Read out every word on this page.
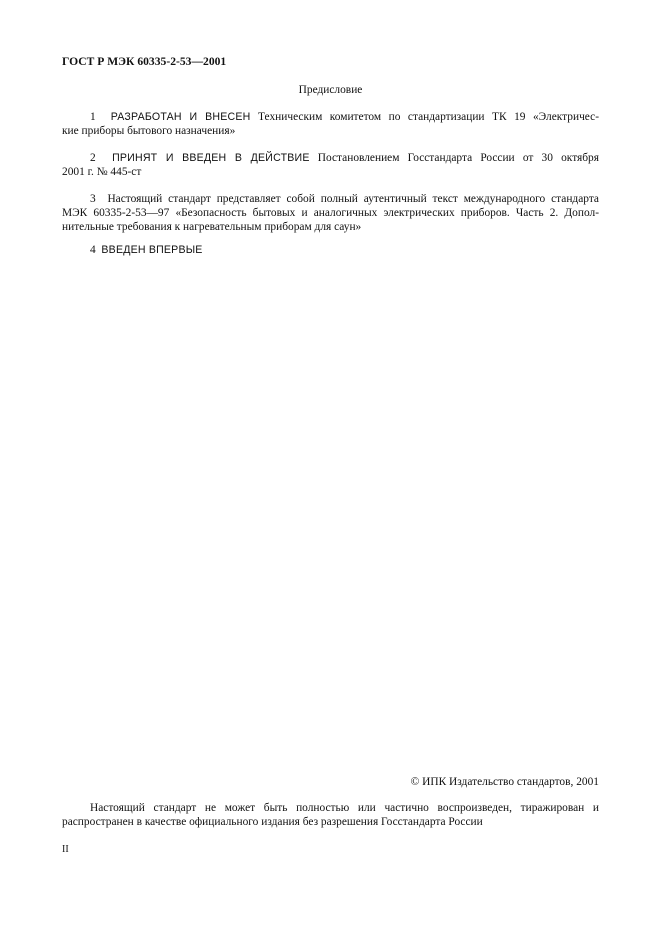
ГОСТ Р МЭК 60335-2-53—2001
Предисловие
1 РАЗРАБОТАН И ВНЕСЕН Техническим комитетом по стандартизации ТК 19 «Электричес-
кие приборы бытового назначения»
2 ПРИНЯТ И ВВЕДЕН В ДЕЙСТВИЕ Постановлением Госстандарта России от 30 октября
2001 г. № 445-ст
3 Настоящий стандарт представляет собой полный аутентичный текст международного стандарта
МЭК 60335-2-53—97 «Безопасность бытовых и аналогичных электрических приборов. Часть 2. Допол-
нительные требования к нагревательным приборам для саун»
4 ВВЕДЕН ВПЕРВЫЕ
© ИПК Издательство стандартов, 2001
Настоящий стандарт не может быть полностью или частично воспроизведен, тиражирован и
распространен в качестве официального издания без разрешения Госстандарта России
II
